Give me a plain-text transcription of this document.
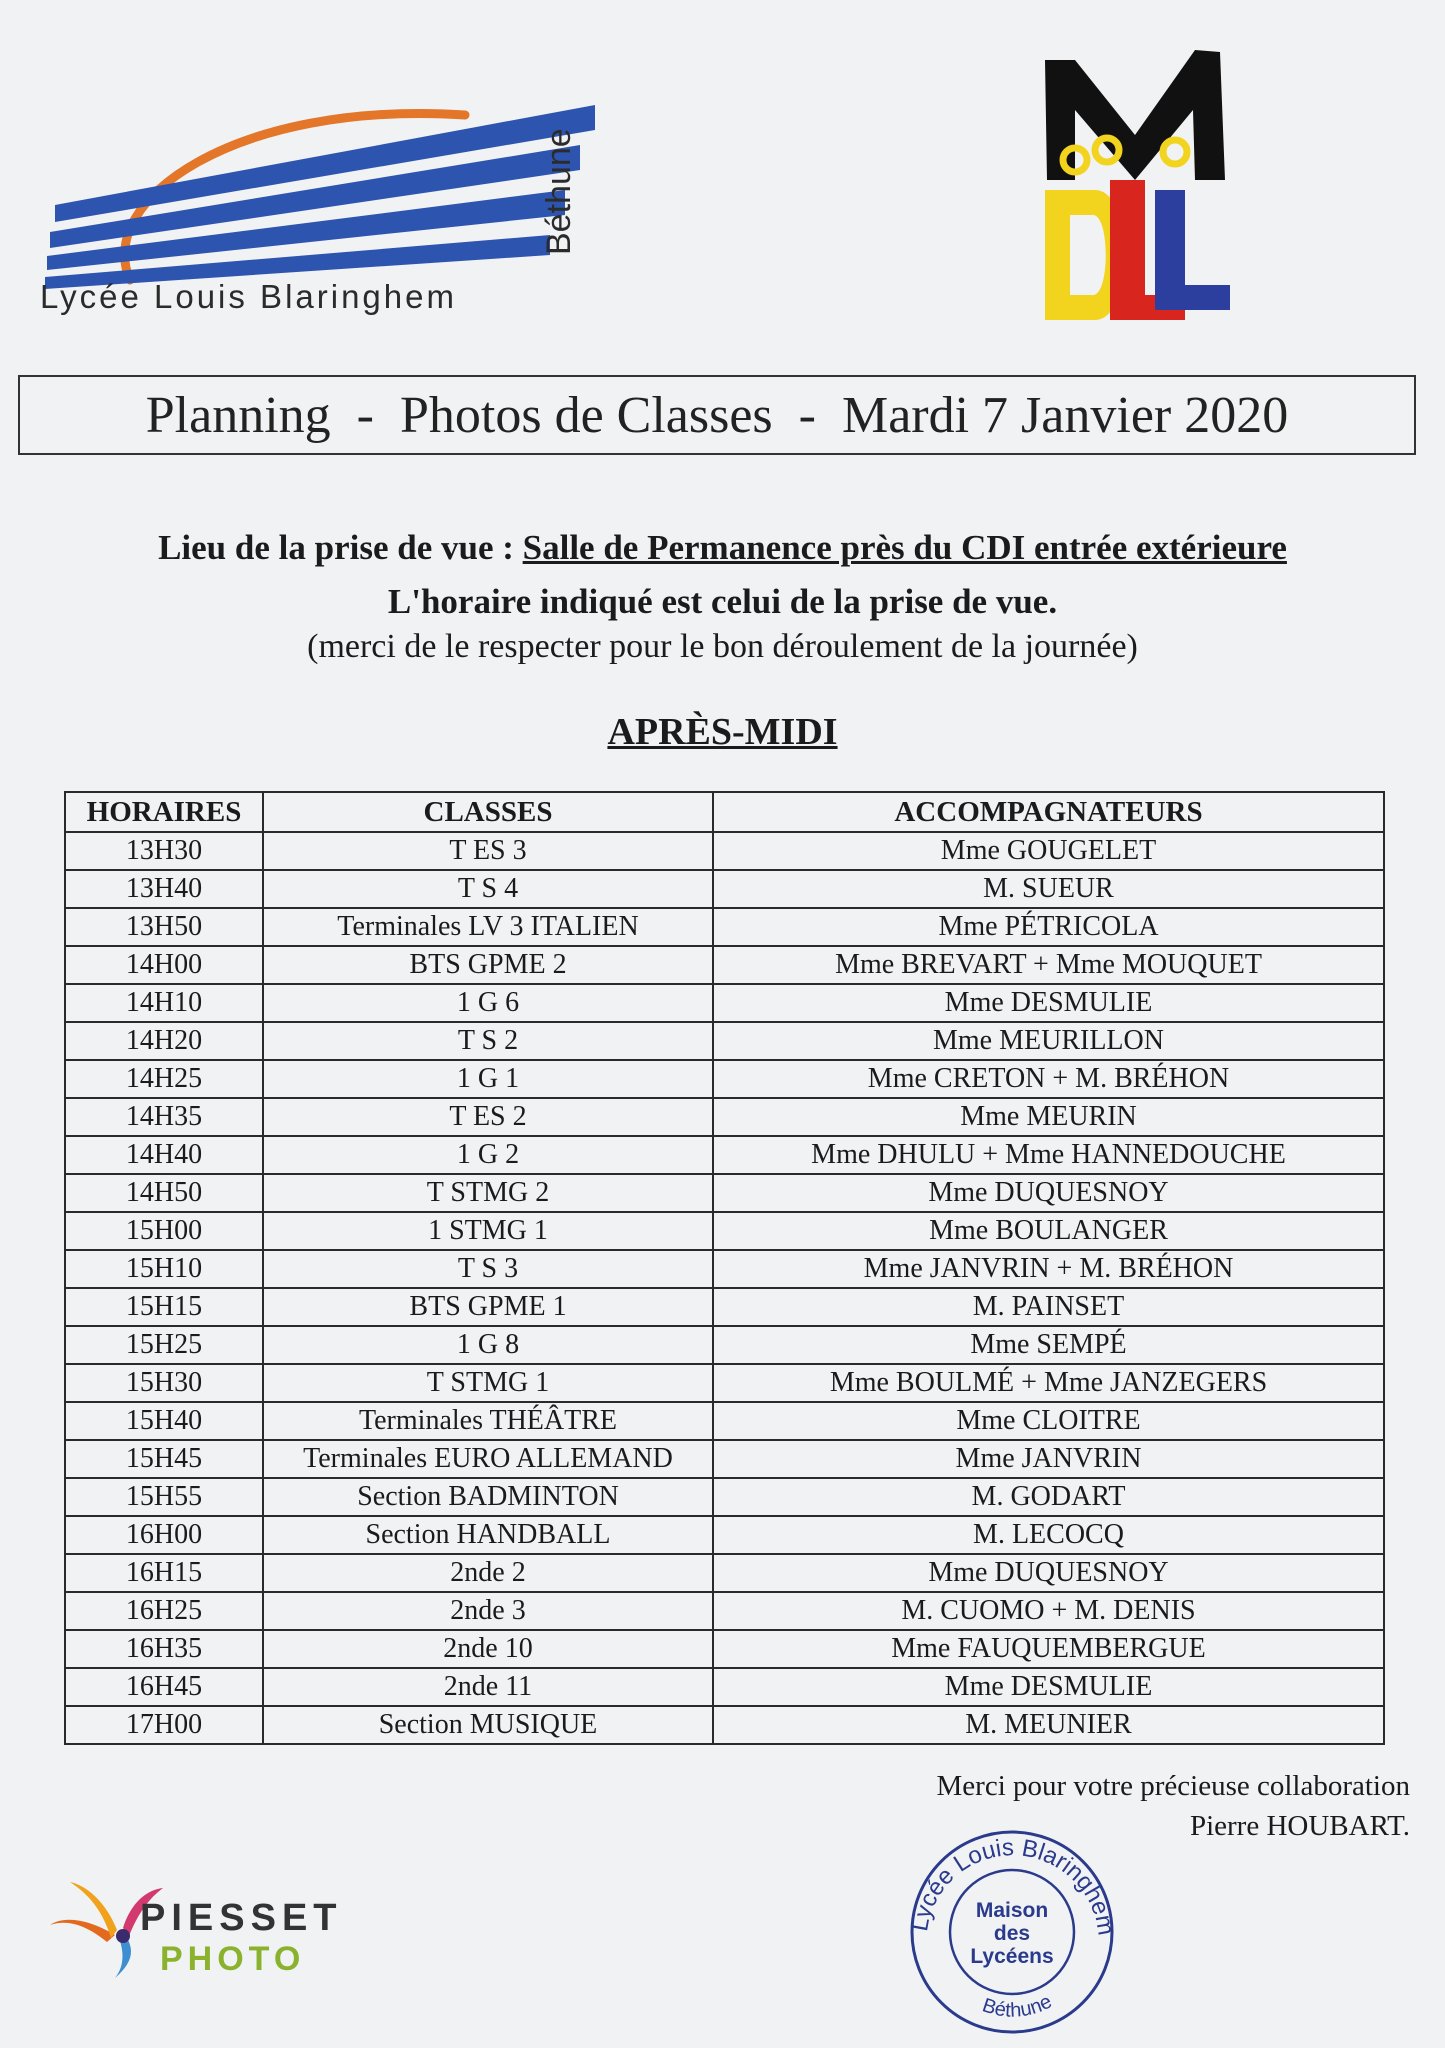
Lycée Louis Blaringhem
Béthune
Planning  -  Photos de Classes  -  Mardi 7 Janvier 2020
Lieu de la prise de vue : Salle de Permanence près du CDI entrée extérieure
L'horaire indiqué est celui de la prise de vue.
(merci de le respecter pour le bon déroulement de la journée)
APRÈS-MIDI
HORAIRES	CLASSES	ACCOMPAGNATEURS
13H30	T ES 3	Mme GOUGELET
13H40	T S 4	M. SUEUR
13H50	Terminales LV 3 ITALIEN	Mme PÉTRICOLA
14H00	BTS GPME 2	Mme BREVART + Mme MOUQUET
14H10	1 G 6	Mme DESMULIE
14H20	T S 2	Mme MEURILLON
14H25	1 G 1	Mme CRETON + M. BRÉHON
14H35	T ES 2	Mme MEURIN
14H40	1 G 2	Mme DHULU + Mme HANNEDOUCHE
14H50	T STMG 2	Mme DUQUESNOY
15H00	1 STMG 1	Mme BOULANGER
15H10	T S 3	Mme JANVRIN + M. BRÉHON
15H15	BTS GPME 1	M. PAINSET
15H25	1 G 8	Mme SEMPÉ
15H30	T STMG 1	Mme BOULMÉ + Mme JANZEGERS
15H40	Terminales THÉÂTRE	Mme CLOITRE
15H45	Terminales EURO ALLEMAND	Mme JANVRIN
15H55	Section BADMINTON	M. GODART
16H00	Section HANDBALL	M. LECOCQ
16H15	2nde 2	Mme DUQUESNOY
16H25	2nde 3	M. CUOMO + M. DENIS
16H35	2nde 10	Mme FAUQUEMBERGUE
16H45	2nde 11	Mme DESMULIE
17H00	Section MUSIQUE	M. MEUNIER
Merci pour votre précieuse collaboration
Pierre HOUBART.
PIESSET
PHOTO
Lycée Louis Blaringhem
Béthune
Maison
des
Lycéens
